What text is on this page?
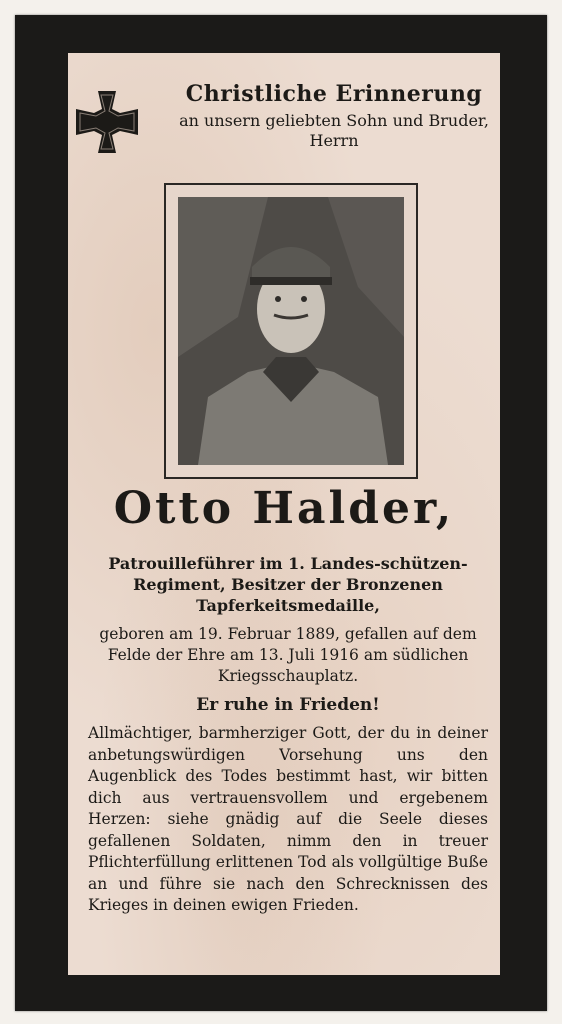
Christliche Erinnerung

an unsern geliebten Sohn und Bruder, Herrn

Otto Halder,

Patrouilleführer im 1. Landes-schützen-Regiment, Besitzer der Bronzenen Tapferkeitsmedaille,

geboren am 19. Februar 1889, gefallen auf dem Felde der Ehre am 13. Juli 1916 am südlichen Kriegsschauplatz.

Er ruhe in Frieden!

Allmächtiger, barmherziger Gott, der du in deiner anbetungswürdigen Vorsehung uns den Augenblick des Todes bestimmt hast, wir bitten dich aus vertrauensvollem und ergebenem Herzen: siehe gnädig auf die Seele dieses gefallenen Soldaten, nimm den in treuer Pflichterfüllung erlittenen Tod als vollgültige Buße an und führe sie nach den Schrecknissen des Krieges in deinen ewigen Frieden.
